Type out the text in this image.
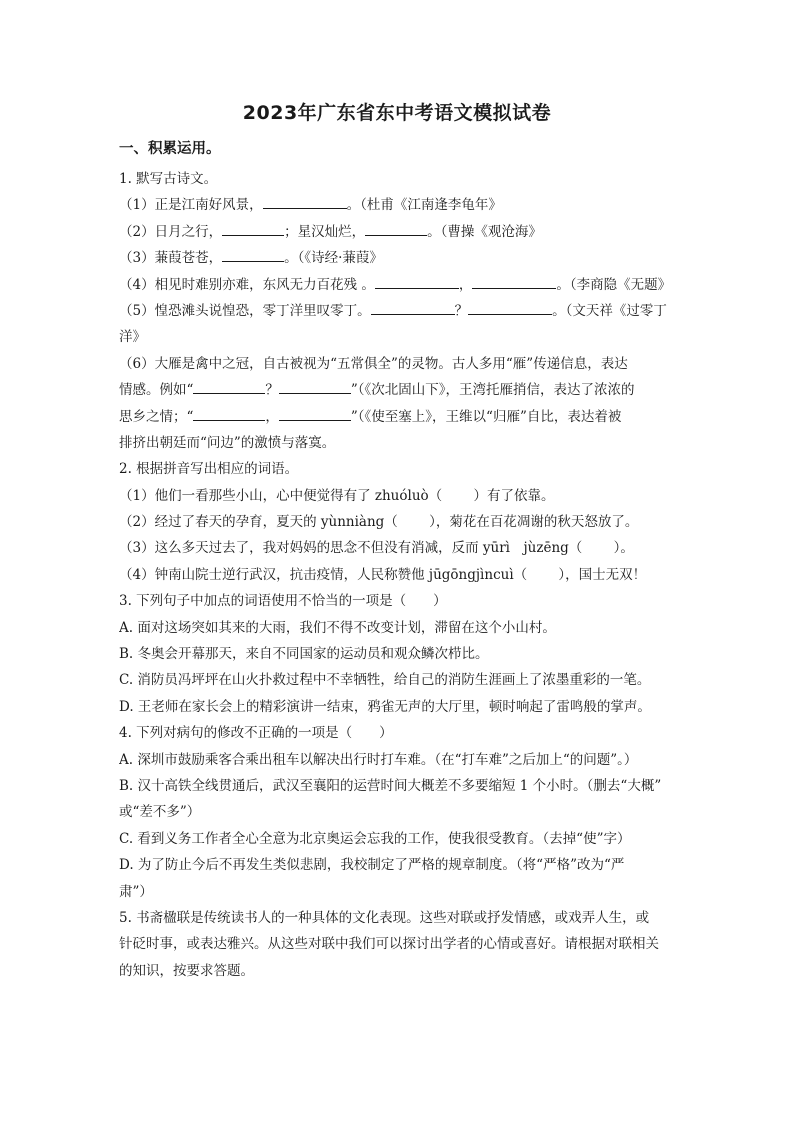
2023年广东省东中考语文模拟试卷
一、积累运用。
1. 默写古诗文。
（1）正是江南好风景，	。（杜甫《江南逢李龟年》
（2）日月之行，	；星汉灿烂，	。（曹操《观沧海》
（3）蒹葭苍苍，	。（《诗经·蒹葭》
（4）相见时难别亦难，东风无力百花残 。	，	。（李商隐《无题》
（5）惶恐滩头说惶恐，零丁洋里叹零丁。	？	。（文天祥《过零丁
洋》
（6）大雁是禽中之冠，自古被视为“五常俱全”的灵物。古人多用“雁”传递信息，表达
情感。例如“	？	”（《次北固山下》，王湾托雁捎信，表达了浓浓的
思乡之情；“	，	”（《使至塞上》，王维以“归雁”自比，表达着被
排挤出朝廷而“问边”的激愤与落寞。
2. 根据拼音写出相应的词语。
（1）他们一看那些小山，心中便觉得有了 zhuóluò（　　 ）有了依靠。
（2）经过了春天的孕育，夏天的 yùnniàng（　　 ），菊花在百花凋谢的秋天怒放了。
（3）这么多天过去了，我对妈妈的思念不但没有消减，反而 yūrì　jùzēng（　　 ）。
（4）钟南山院士逆行武汉，抗击疫情，人民称赞他 jūgōngjìncuì（　　 ），国士无双！
3. 下列句子中加点的词语使用不恰当的一项是（　　）
A. 面对这场突如其来的大雨，我们不得不改变计划，滞留在这个小山村。
B. 冬奥会开幕那天，来自不同国家的运动员和观众鳞次栉比。
C. 消防员冯坪坪在山火扑救过程中不幸牺牲，给自己的消防生涯画上了浓墨重彩的一笔。
D. 王老师在家长会上的精彩演讲一结束，鸦雀无声的大厅里，顿时响起了雷鸣般的掌声。
4. 下列对病句的修改不正确的一项是（　　）
A. 深圳市鼓励乘客合乘出租车以解决出行时打车难。（在“打车难”之后加上“的问题”。）
B. 汉十高铁全线贯通后，武汉至襄阳的运营时间大概差不多要缩短 1 个小时。（删去“大概”
或“差不多”）
C. 看到义务工作者全心全意为北京奥运会忘我的工作，使我很受教育。（去掉“使”字）
D. 为了防止今后不再发生类似悲剧，我校制定了严格的规章制度。（将“严格”改为“严
肃”）
5. 书斋楹联是传统读书人的一种具体的文化表现。这些对联或抒发情感，或戏弄人生，或
针砭时事，或表达雅兴。从这些对联中我们可以探讨出学者的心情或喜好。请根据对联相关
的知识，按要求答题。
